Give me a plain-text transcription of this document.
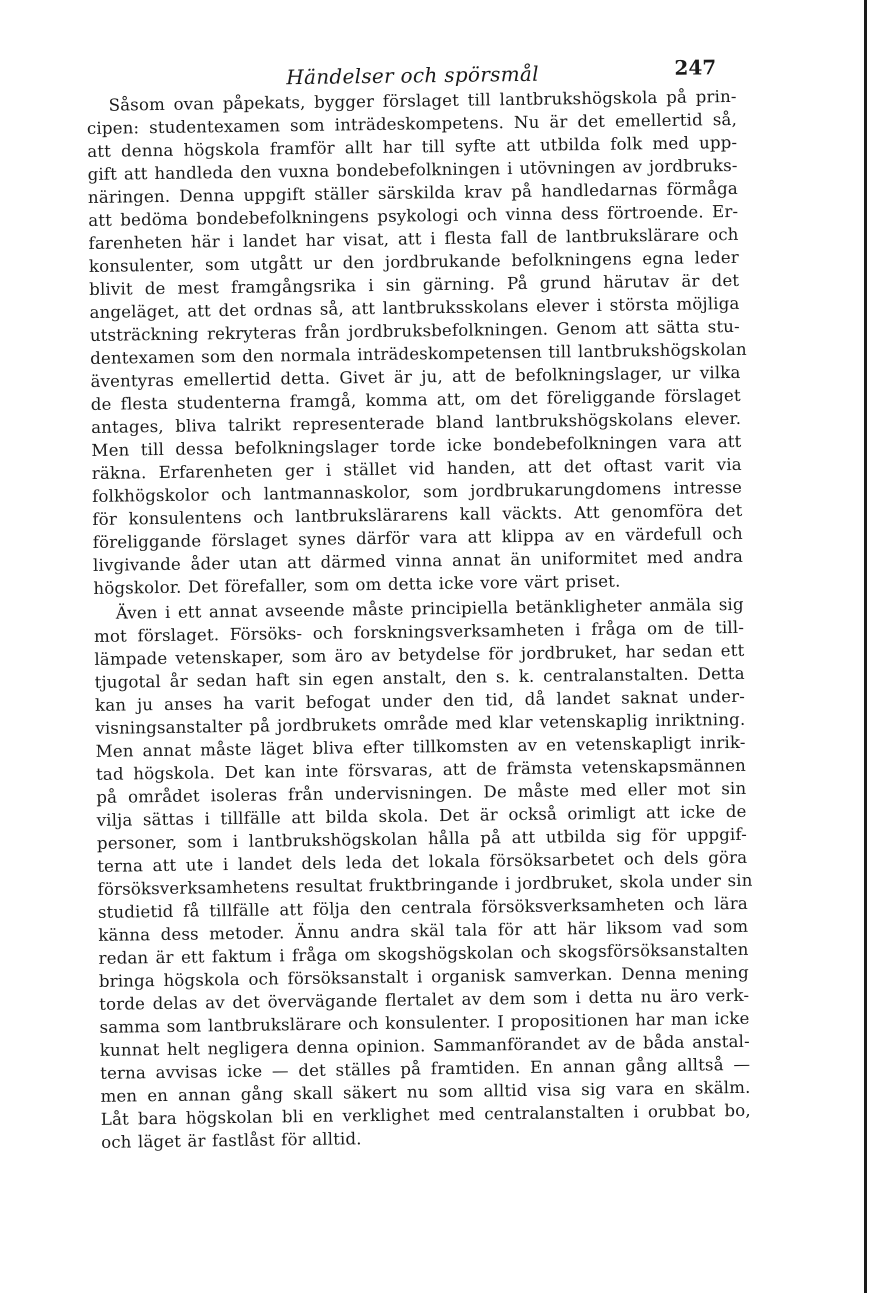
Händelser och spörsmål	247
Såsom ovan påpekats, bygger förslaget till lantbrukshögskola på prin-
cipen: studentexamen som inträdeskompetens. Nu är det emellertid så,
att denna högskola framför allt har till syfte att utbilda folk med upp-
gift att handleda den vuxna bondebefolkningen i utövningen av jordbruks-
näringen. Denna uppgift ställer särskilda krav på handledarnas förmåga
att bedöma bondebefolkningens psykologi och vinna dess förtroende. Er-
farenheten här i landet har visat, att i flesta fall de lantbrukslärare och
konsulenter, som utgått ur den jordbrukande befolkningens egna leder
blivit de mest framgångsrika i sin gärning. På grund härutav är det
angeläget, att det ordnas så, att lantbruksskolans elever i största möjliga
utsträckning rekryteras från jordbruksbefolkningen. Genom att sätta stu-
dentexamen som den normala inträdeskompetensen till lantbrukshögskolan
äventyras emellertid detta. Givet är ju, att de befolkningslager, ur vilka
de flesta studenterna framgå, komma att, om det föreliggande förslaget
antages, bliva talrikt representerade bland lantbrukshögskolans elever.
Men till dessa befolkningslager torde icke bondebefolkningen vara att
räkna. Erfarenheten ger i stället vid handen, att det oftast varit via
folkhögskolor och lantmannaskolor, som jordbrukarungdomens intresse
för konsulentens och lantbrukslärarens kall väckts. Att genomföra det
föreliggande förslaget synes därför vara att klippa av en värdefull och
livgivande åder utan att därmed vinna annat än uniformitet med andra
högskolor. Det förefaller, som om detta icke vore värt priset.
Även i ett annat avseende måste principiella betänkligheter anmäla sig
mot förslaget. Försöks- och forskningsverksamheten i fråga om de till-
lämpade vetenskaper, som äro av betydelse för jordbruket, har sedan ett
tjugotal år sedan haft sin egen anstalt, den s. k. centralanstalten. Detta
kan ju anses ha varit befogat under den tid, då landet saknat under-
visningsanstalter på jordbrukets område med klar vetenskaplig inriktning.
Men annat måste läget bliva efter tillkomsten av en vetenskapligt inrik-
tad högskola. Det kan inte försvaras, att de främsta vetenskapsmännen
på området isoleras från undervisningen. De måste med eller mot sin
vilja sättas i tillfälle att bilda skola. Det är också orimligt att icke de
personer, som i lantbrukshögskolan hålla på att utbilda sig för uppgif-
terna att ute i landet dels leda det lokala försöksarbetet och dels göra
försöksverksamhetens resultat fruktbringande i jordbruket, skola under sin
studietid få tillfälle att följa den centrala försöksverksamheten och lära
känna dess metoder. Ännu andra skäl tala för att här liksom vad som
redan är ett faktum i fråga om skogshögskolan och skogsförsöksanstalten
bringa högskola och försöksanstalt i organisk samverkan. Denna mening
torde delas av det övervägande flertalet av dem som i detta nu äro verk-
samma som lantbrukslärare och konsulenter. I propositionen har man icke
kunnat helt negligera denna opinion. Sammanförandet av de båda anstal-
terna avvisas icke — det ställes på framtiden. En annan gång alltså —
men en annan gång skall säkert nu som alltid visa sig vara en skälm.
Låt bara högskolan bli en verklighet med centralanstalten i orubbat bo,
och läget är fastlåst för alltid.
